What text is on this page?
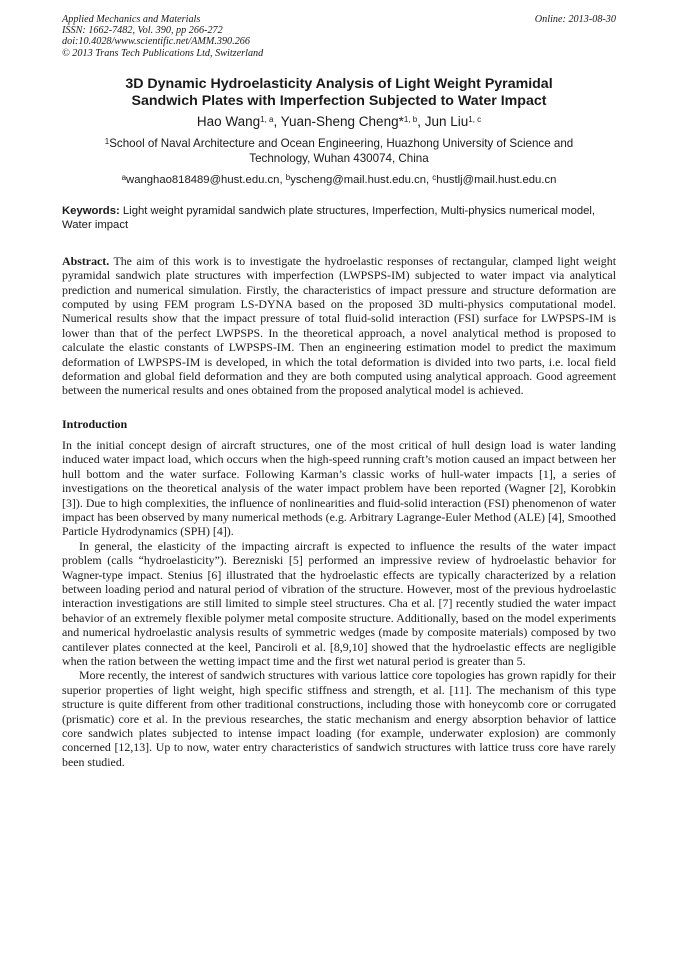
Applied Mechanics and Materials
ISSN: 1662-7482, Vol. 390, pp 266-272
doi:10.4028/www.scientific.net/AMM.390.266
© 2013 Trans Tech Publications Ltd, Switzerland
Online: 2013-08-30
3D Dynamic Hydroelasticity Analysis of Light Weight Pyramidal
Sandwich Plates with Imperfection Subjected to Water Impact
Hao Wang$^{1, a}$, Yuan-Sheng Cheng*$^{1, b}$, Jun Liu$^{1, c}$
$^1$School of Naval Architecture and Ocean Engineering, Huazhong University of Science and
Technology, Wuhan 430074, China
$^a$wanghao818489@hust.edu.cn, $^b$yscheng@mail.hust.edu.cn, $^c$hustlj@mail.hust.edu.cn
Keywords: Light weight pyramidal sandwich plate structures, Imperfection, Multi-physics numerical model, Water impact
Abstract. The aim of this work is to investigate the hydroelastic responses of rectangular, clamped light weight pyramidal sandwich plate structures with imperfection (LWPSPS-IM) subjected to water impact via analytical prediction and numerical simulation. Firstly, the characteristics of impact pressure and structure deformation are computed by using FEM program LS-DYNA based on the proposed 3D multi-physics computational model. Numerical results show that the impact pressure of total fluid-solid interaction (FSI) surface for LWPSPS-IM is lower than that of the perfect LWPSPS. In the theoretical approach, a novel analytical method is proposed to calculate the elastic constants of LWPSPS-IM. Then an engineering estimation model to predict the maximum deformation of LWPSPS-IM is developed, in which the total deformation is divided into two parts, i.e. local field deformation and global field deformation and they are both computed using analytical approach. Good agreement between the numerical results and ones obtained from the proposed analytical model is achieved.
Introduction

In the initial concept design of aircraft structures, one of the most critical of hull design load is water landing induced water impact load, which occurs when the high-speed running craft’s motion caused an impact between her hull bottom and the water surface. Following Karman’s classic works of hull-water impacts [1], a series of investigations on the theoretical analysis of the water impact problem have been reported (Wagner [2], Korobkin [3]). Due to high complexities, the influence of nonlinearities and fluid-solid interaction (FSI) phenomenon of water impact has been observed by many numerical methods (e.g. Arbitrary Lagrange-Euler Method (ALE) [4], Smoothed Particle Hydrodynamics (SPH) [4]).

In general, the elasticity of the impacting aircraft is expected to influence the results of the water impact problem (calls “hydroelasticity”). Berezniski [5] performed an impressive review of hydroelastic behavior for Wagner-type impact. Stenius [6] illustrated that the hydroelastic effects are typically characterized by a relation between loading period and natural period of vibration of the structure. However, most of the previous hydroelastic interaction investigations are still limited to simple steel structures. Cha et al. [7] recently studied the water impact behavior of an extremely flexible polymer metal composite structure. Additionally, based on the model experiments and numerical hydroelastic analysis results of symmetric wedges (made by composite materials) composed by two cantilever plates connected at the keel, Panciroli et al. [8,9,10] showed that the hydroelastic effects are negligible when the ration between the wetting impact time and the first wet natural period is greater than 5.

More recently, the interest of sandwich structures with various lattice core topologies has grown rapidly for their superior properties of light weight, high specific stiffness and strength, et al. [11]. The mechanism of this type structure is quite different from other traditional constructions, including those with honeycomb core or corrugated (prismatic) core et al. In the previous researches, the static mechanism and energy absorption behavior of lattice core sandwich plates subjected to intense impact loading (for example, underwater explosion) are commonly concerned [12,13]. Up to now, water entry characteristics of sandwich structures with lattice truss core have rarely been studied.
